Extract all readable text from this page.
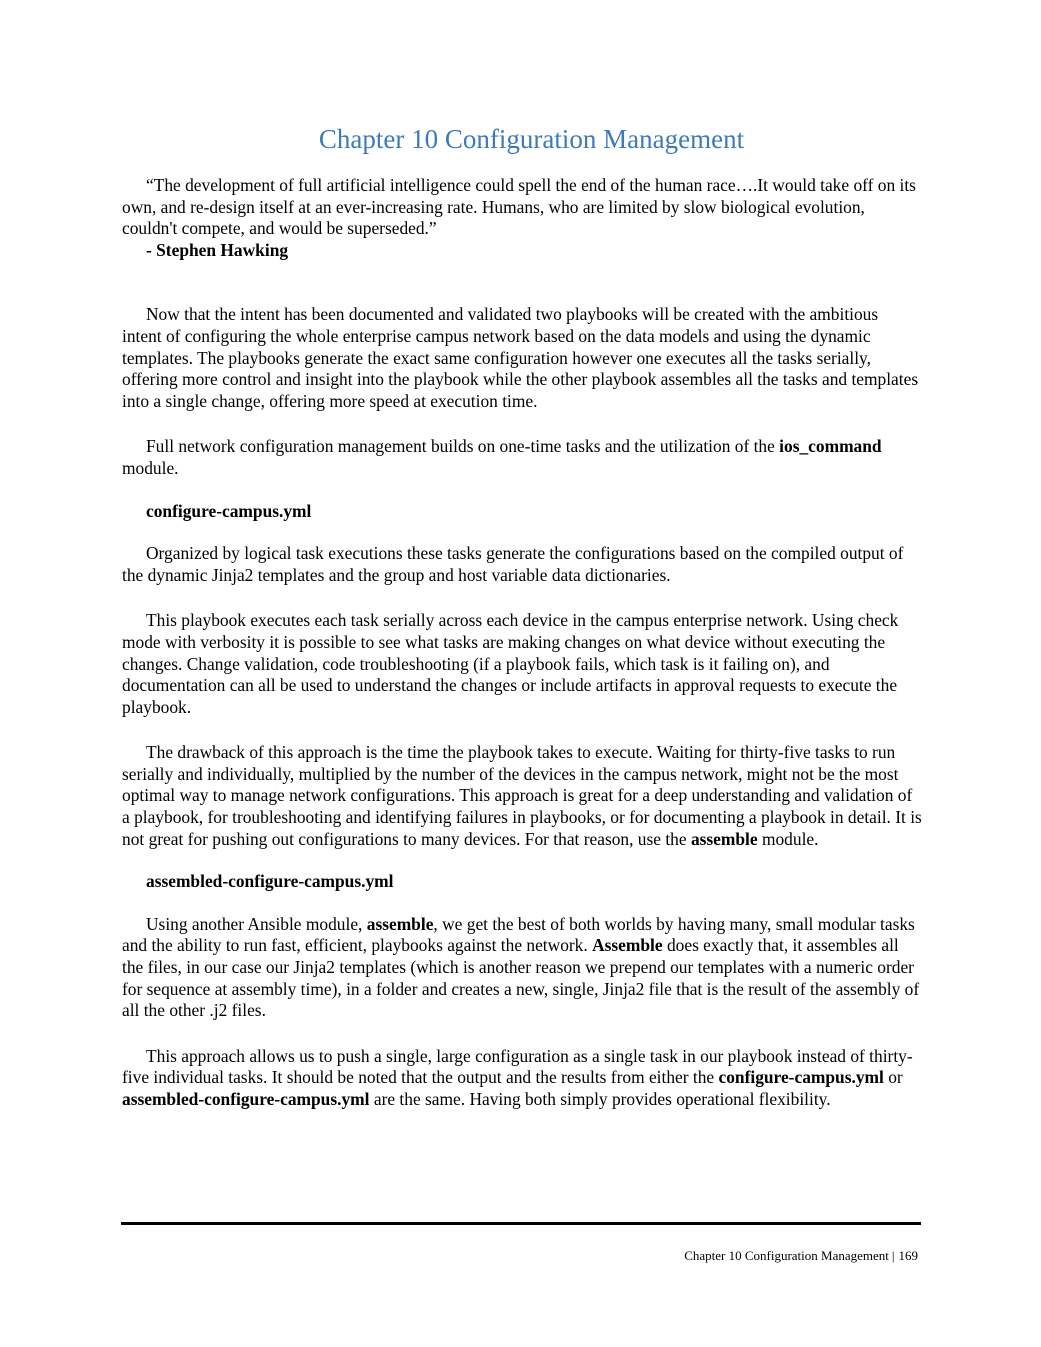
Chapter 10 Configuration Management

“The development of full artificial intelligence could spell the end of the human race….It would take off on its own, and re-design itself at an ever-increasing rate. Humans, who are limited by slow biological evolution, couldn't compete, and would be superseded.”

- Stephen Hawking

Now that the intent has been documented and validated two playbooks will be created with the ambitious intent of configuring the whole enterprise campus network based on the data models and using the dynamic templates. The playbooks generate the exact same configuration however one executes all the tasks serially, offering more control and insight into the playbook while the other playbook assembles all the tasks and templates into a single change, offering more speed at execution time.

Full network configuration management builds on one-time tasks and the utilization of the ios_command module.

configure-campus.yml

Organized by logical task executions these tasks generate the configurations based on the compiled output of the dynamic Jinja2 templates and the group and host variable data dictionaries.

This playbook executes each task serially across each device in the campus enterprise network. Using check mode with verbosity it is possible to see what tasks are making changes on what device without executing the changes. Change validation, code troubleshooting (if a playbook fails, which task is it failing on), and documentation can all be used to understand the changes or include artifacts in approval requests to execute the playbook.

The drawback of this approach is the time the playbook takes to execute. Waiting for thirty-five tasks to run serially and individually, multiplied by the number of the devices in the campus network, might not be the most optimal way to manage network configurations. This approach is great for a deep understanding and validation of a playbook, for troubleshooting and identifying failures in playbooks, or for documenting a playbook in detail. It is not great for pushing out configurations to many devices. For that reason, use the assemble module.

assembled-configure-campus.yml

Using another Ansible module, assemble, we get the best of both worlds by having many, small modular tasks and the ability to run fast, efficient, playbooks against the network. Assemble does exactly that, it assembles all the files, in our case our Jinja2 templates (which is another reason we prepend our templates with a numeric order for sequence at assembly time), in a folder and creates a new, single, Jinja2 file that is the result of the assembly of all the other .j2 files.

This approach allows us to push a single, large configuration as a single task in our playbook instead of thirty-five individual tasks. It should be noted that the output and the results from either the configure-campus.yml or assembled-configure-campus.yml are the same. Having both simply provides operational flexibility.

Chapter 10 Configuration Management | 169
